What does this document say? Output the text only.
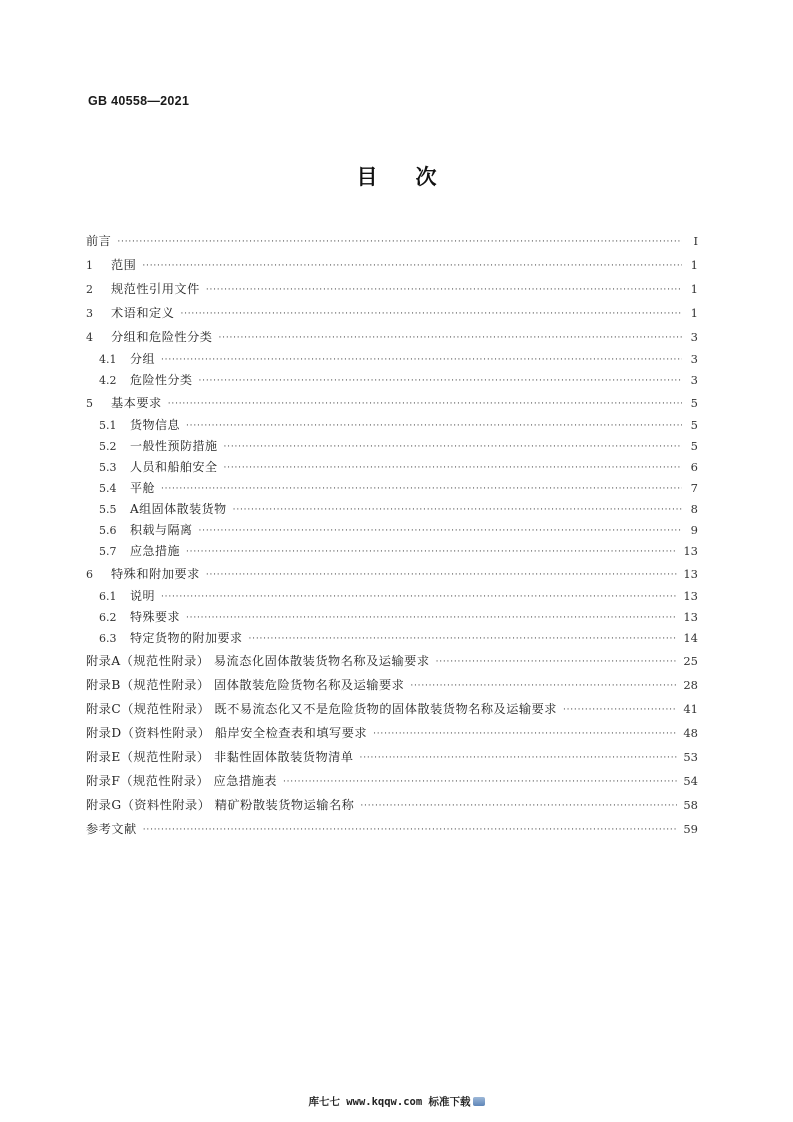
GB 40558—2021
目次
前言 ·····	Ⅰ
1	范围 ·····	1
2	规范性引用文件 ·····	1
3	术语和定义 ·····	1
4	分组和危险性分类 ·····	3
4.1	分组 ·····	3
4.2	危险性分类 ·····	3
5	基本要求 ·····	5
5.1	货物信息 ·····	5
5.2	一般性预防措施 ·····	5
5.3	人员和船舶安全 ·····	6
5.4	平舱 ·····	7
5.5	A组固体散装货物 ·····	8
5.6	积载与隔离 ·····	9
5.7	应急措施 ·····	13
6	特殊和附加要求 ·····	13
6.1	说明 ·····	13
6.2	特殊要求 ·····	13
6.3	特定货物的附加要求 ·····	14
附录A（规范性附录） 易流态化固体散装货物名称及运输要求 ·····	25
附录B（规范性附录） 固体散装危险货物名称及运输要求 ·····	28
附录C（规范性附录） 既不易流态化又不是危险货物的固体散装货物名称及运输要求 ·····	41
附录D（资料性附录） 船岸安全检查表和填写要求 ·····	48
附录E（规范性附录） 非黏性固体散装货物清单 ·····	53
附录F（规范性附录） 应急措施表 ·····	54
附录G（资料性附录） 精矿粉散装货物运输名称 ·····	58
参考文献 ·····	59
库七七 www.kqqw.com 标准下载
